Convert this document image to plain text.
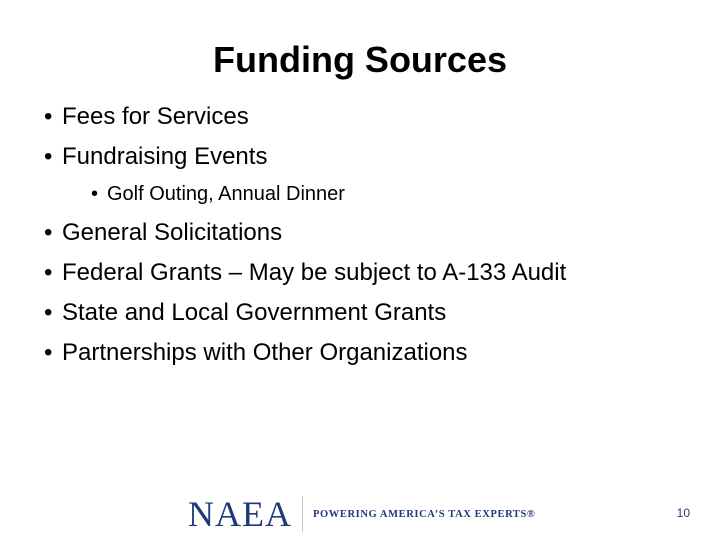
Funding Sources
• Fees for Services
• Fundraising Events
• Golf Outing, Annual Dinner
• General Solicitations
• Federal Grants – May be subject to A-133 Audit
• State and Local Government Grants
• Partnerships with Other Organizations
NAEA POWERING AMERICA’S TAX EXPERTS®	10
